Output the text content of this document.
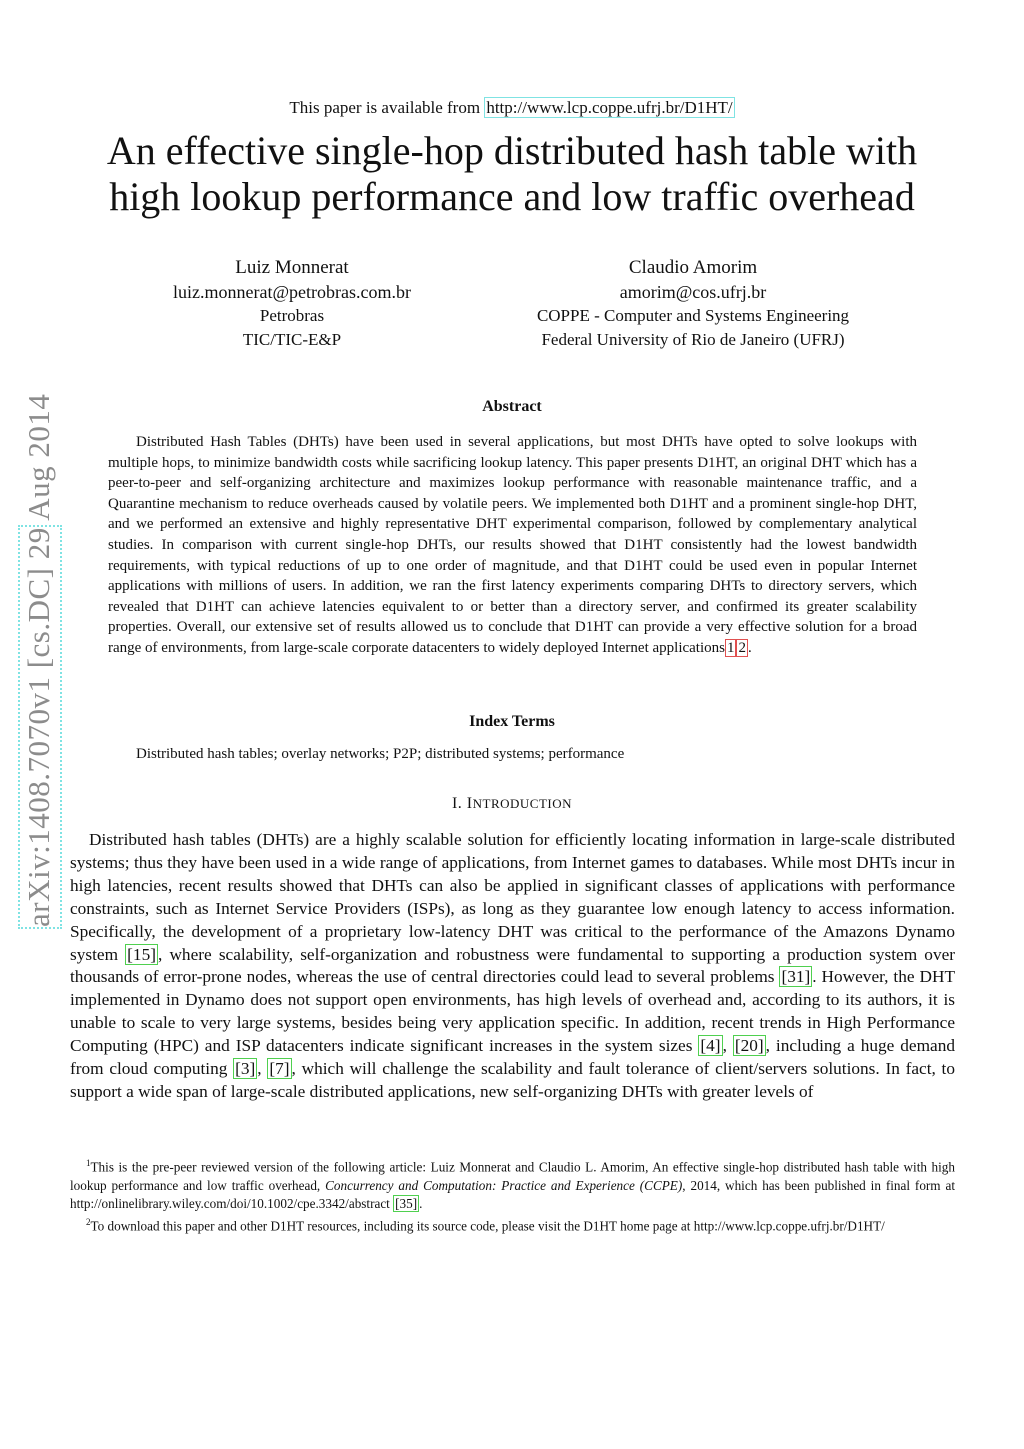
This paper is available from http://www.lcp.coppe.ufrj.br/D1HT/
An effective single-hop distributed hash table with
high lookup performance and low traffic overhead
Luiz Monnerat
luiz.monnerat@petrobras.com.br
Petrobras
TIC/TIC-E&P
Claudio Amorim
amorim@cos.ufrj.br
COPPE - Computer and Systems Engineering
Federal University of Rio de Janeiro (UFRJ)
Abstract

Distributed Hash Tables (DHTs) have been used in several applications, but most DHTs have opted to solve lookups with multiple hops, to minimize bandwidth costs while sacrificing lookup latency. This paper presents D1HT, an original DHT which has a peer-to-peer and self-organizing architecture and maximizes lookup performance with reasonable maintenance traffic, and a Quarantine mechanism to reduce overheads caused by volatile peers. We implemented both D1HT and a prominent single-hop DHT, and we performed an extensive and highly representative DHT experimental comparison, followed by complementary analytical studies. In comparison with current single-hop DHTs, our results showed that D1HT consistently had the lowest bandwidth requirements, with typical reductions of up to one order of magnitude, and that D1HT could be used even in popular Internet applications with millions of users. In addition, we ran the first latency experiments comparing DHTs to directory servers, which revealed that D1HT can achieve latencies equivalent to or better than a directory server, and confirmed its greater scalability properties. Overall, our extensive set of results allowed us to conclude that D1HT can provide a very effective solution for a broad range of environments, from large-scale corporate datacenters to widely deployed Internet applications 1 2 .

Index Terms
Distributed hash tables; overlay networks; P2P; distributed systems; performance
I. INTRODUCTION

Distributed hash tables (DHTs) are a highly scalable solution for efficiently locating information in large-scale distributed systems; thus they have been used in a wide range of applications, from Internet games to databases. While most DHTs incur in high latencies, recent results showed that DHTs can also be applied in significant classes of applications with performance constraints, such as Internet Service Providers (ISPs), as long as they guarantee low enough latency to access information. Specifically, the development of a proprietary low-latency DHT was critical to the performance of the Amazons Dynamo system [15] , where scalability, self-organization and robustness were fundamental to supporting a production system over thousands of error-prone nodes, whereas the use of central directories could lead to several problems [31] . However, the DHT implemented in Dynamo does not support open environments, has high levels of overhead and, according to its authors, it is unable to scale to very large systems, besides being very application specific. In addition, recent trends in High Performance Computing (HPC) and ISP datacenters indicate significant increases in the system sizes [4] , [20] , including a huge demand from cloud computing [3] , [7] , which will challenge the scalability and fault tolerance of client/servers solutions. In fact, to support a wide span of large-scale distributed applications, new self-organizing DHTs with greater levels of

$^1$This is the pre-peer reviewed version of the following article: Luiz Monnerat and Claudio L. Amorim, An effective single-hop distributed hash table with high lookup performance and low traffic overhead, Concurrency and Computation: Practice and Experience (CCPE), 2014, which has been published in final form at http://onlinelibrary.wiley.com/doi/10.1002/cpe.3342/abstract [35] .

$^2$To download this paper and other D1HT resources, including its source code, please visit the D1HT home page at http://www.lcp.coppe.ufrj.br/D1HT/

arXiv:1408.7070v1 [cs.DC] 29 Aug 2014
